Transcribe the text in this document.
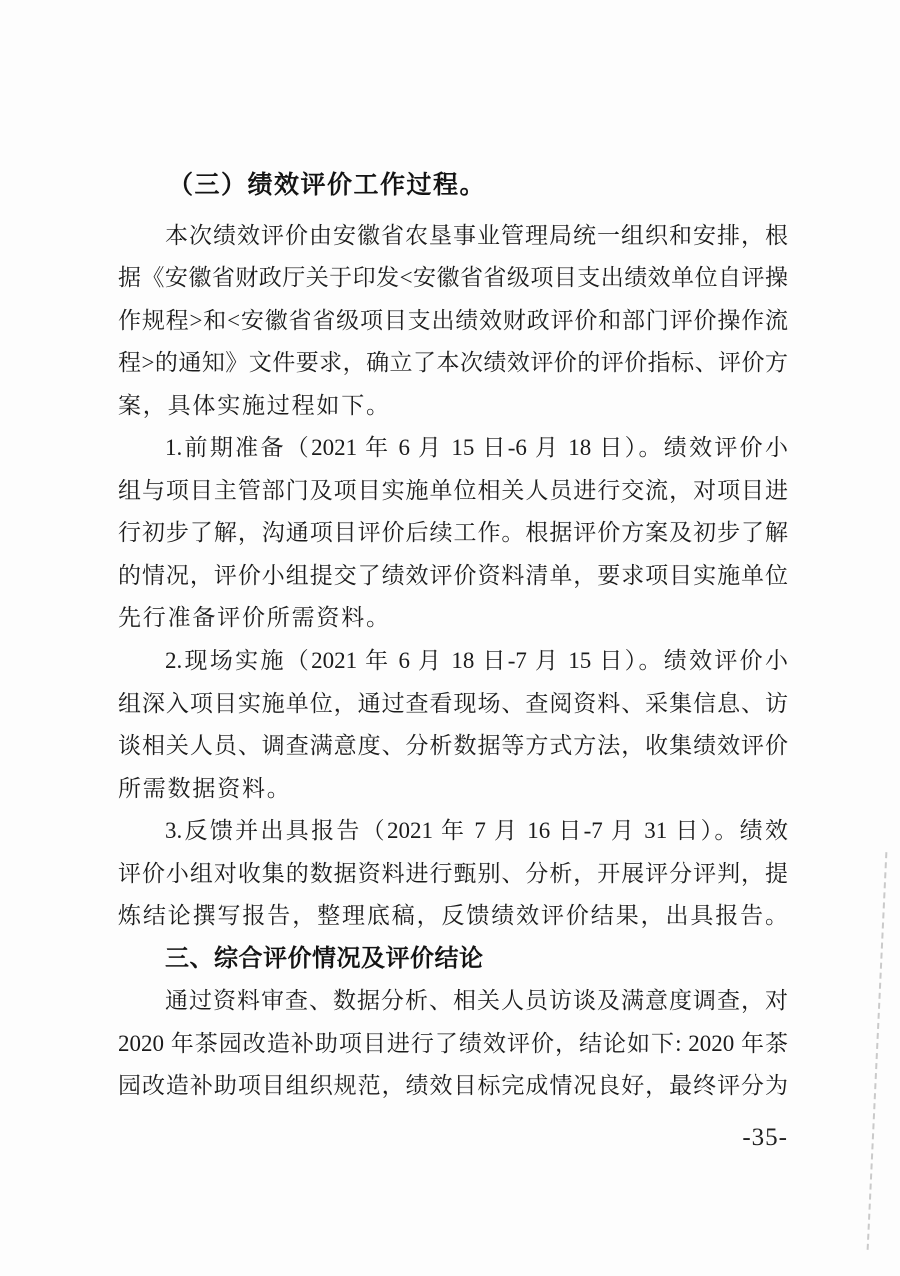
（三）绩效评价工作过程。
本次绩效评价由安徽省农垦事业管理局统一组织和安排，根
据《安徽省财政厅关于印发<安徽省省级项目支出绩效单位自评操
作规程>和<安徽省省级项目支出绩效财政评价和部门评价操作流
程>的通知》文件要求，确立了本次绩效评价的评价指标、评价方
案，具体实施过程如下。
1.前期准备（2021 年 6 月 15 日-6 月 18 日）。绩效评价小
组与项目主管部门及项目实施单位相关人员进行交流，对项目进
行初步了解，沟通项目评价后续工作。根据评价方案及初步了解
的情况，评价小组提交了绩效评价资料清单，要求项目实施单位
先行准备评价所需资料。
2.现场实施（2021 年 6 月 18 日-7 月 15 日）。绩效评价小
组深入项目实施单位，通过查看现场、查阅资料、采集信息、访
谈相关人员、调查满意度、分析数据等方式方法，收集绩效评价
所需数据资料。
3.反馈并出具报告（2021 年 7 月 16 日-7 月 31 日）。绩效
评价小组对收集的数据资料进行甄别、分析，开展评分评判，提
炼结论撰写报告，整理底稿，反馈绩效评价结果，出具报告。
三、综合评价情况及评价结论
通过资料审查、数据分析、相关人员访谈及满意度调查，对
2020 年茶园改造补助项目进行了绩效评价，结论如下: 2020 年茶
园改造补助项目组织规范，绩效目标完成情况良好，最终评分为
-35-
